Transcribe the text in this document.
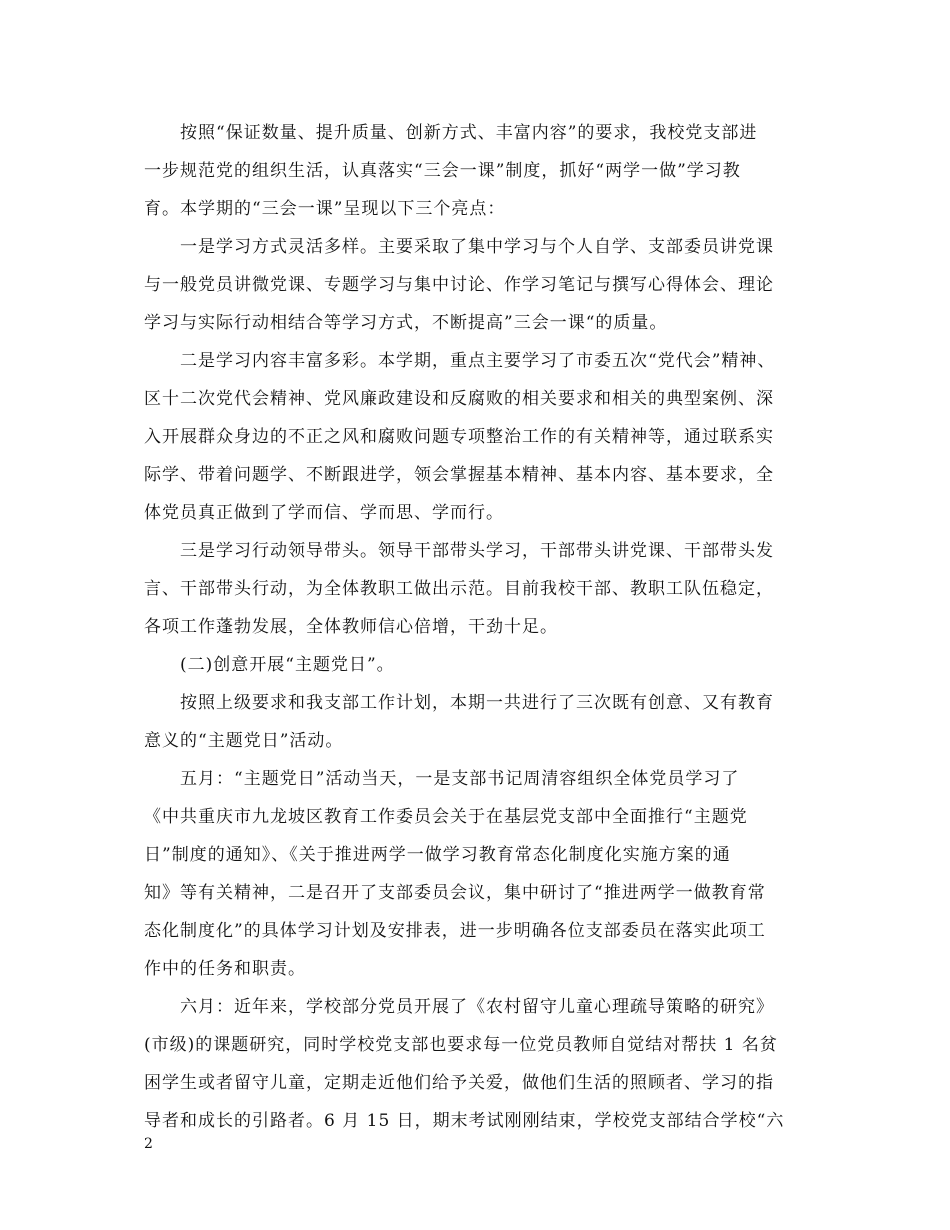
　　按照“保证数量、提升质量、创新方式、丰富内容”的要求，我校党支部进
一步规范党的组织生活，认真落实“三会一课”制度，抓好“两学一做”学习教
育。本学期的“三会一课”呈现以下三个亮点：

　　一是学习方式灵活多样。主要采取了集中学习与个人自学、支部委员讲党课
与一般党员讲微党课、专题学习与集中讨论、作学习笔记与撰写心得体会、理论
学习与实际行动相结合等学习方式，不断提高”三会一课“的质量。

　　二是学习内容丰富多彩。本学期，重点主要学习了市委五次“党代会”精神、
区十二次党代会精神、党风廉政建设和反腐败的相关要求和相关的典型案例、深
入开展群众身边的不正之风和腐败问题专项整治工作的有关精神等，通过联系实
际学、带着问题学、不断跟进学，领会掌握基本精神、基本内容、基本要求，全
体党员真正做到了学而信、学而思、学而行。

　　三是学习行动领导带头。领导干部带头学习，干部带头讲党课、干部带头发
言、干部带头行动，为全体教职工做出示范。目前我校干部、教职工队伍稳定，
各项工作蓬勃发展，全体教师信心倍增，干劲十足。

　　(二)创意开展“主题党日”。

　　按照上级要求和我支部工作计划，本期一共进行了三次既有创意、又有教育
意义的“主题党日”活动。

　　五月：“主题党日”活动当天，一是支部书记周清容组织全体党员学习了
《中共重庆市九龙坡区教育工作委员会关于在基层党支部中全面推行“主题党
日”制度的通知》、《关于推进两学一做学习教育常态化制度化实施方案的通
知》等有关精神，二是召开了支部委员会议，集中研讨了“推进两学一做教育常
态化制度化”的具体学习计划及安排表，进一步明确各位支部委员在落实此项工
作中的任务和职责。

　　六月：近年来，学校部分党员开展了《农村留守儿童心理疏导策略的研究》
(市级)的课题研究，同时学校党支部也要求每一位党员教师自觉结对帮扶 1 名贫
困学生或者留守儿童，定期走近他们给予关爱，做他们生活的照顾者、学习的指
导者和成长的引路者。6 月 15 日，期末考试刚刚结束，学校党支部结合学校“六

2
